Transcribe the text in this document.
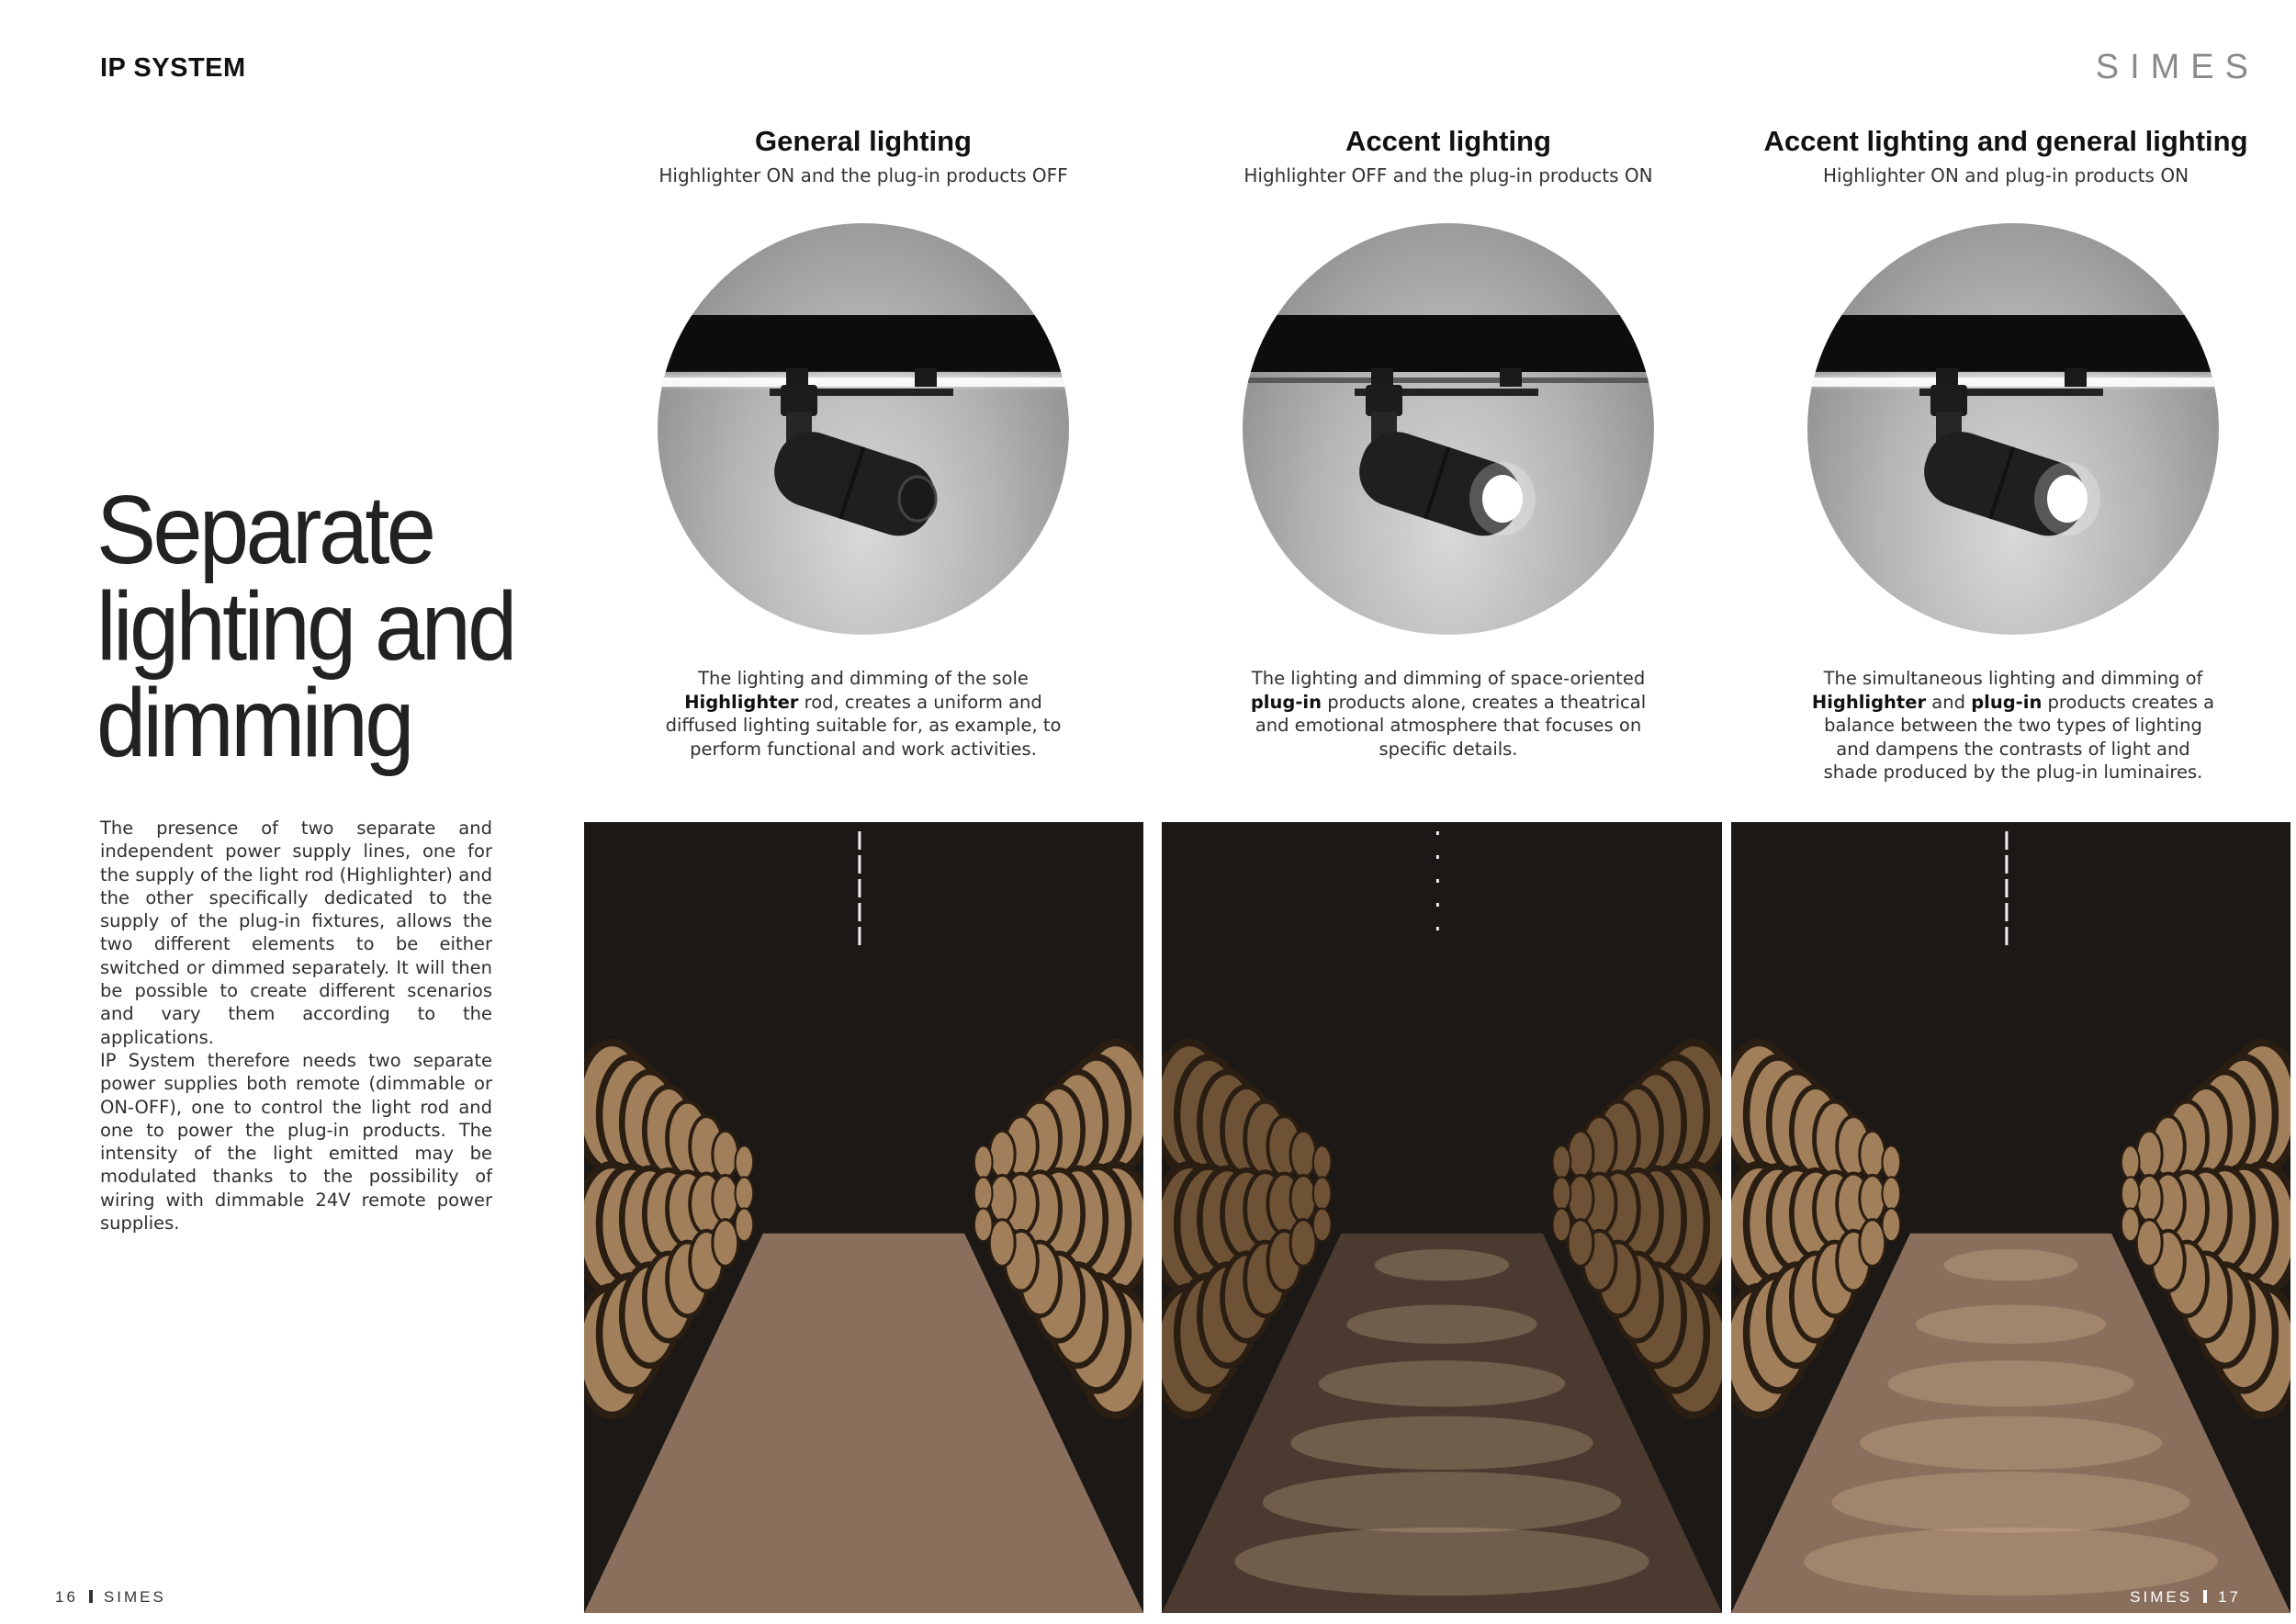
IP SYSTEM	SIMES
Separate
lighting and
dimming

The presence of two separate and independent power supply lines, one for the supply of the light rod (Highlighter) and the other specifically dedicated to the supply of the plug-in fixtures, allows the two different elements to be either switched or dimmed separately. It will then be possible to create different scenarios and vary them according to the applications.

IP System therefore needs two separate power supplies both remote (dimmable or ON-OFF), one to control the light rod and one to power the plug-in products. The intensity of the light emitted may be modulated thanks to the possibility of wiring with dimmable 24V remote power supplies.

General lighting
Highlighter ON and the plug-in products OFF
The lighting and dimming of the sole Highlighter rod, creates a uniform and diffused lighting suitable for, as example, to perform functional and work activities.
Accent lighting
Highlighter OFF and the plug-in products ON
The lighting and dimming of space-oriented plug-in products alone, creates a theatrical and emotional atmosphere that focuses on specific details.
Accent lighting and general lighting
Highlighter ON and plug-in products ON
The simultaneous lighting and dimming of Highlighter and plug-in products creates a balance between the two types of lighting and dampens the contrasts of light and shade produced by the plug-in luminaires.
16 SIMES	SIMES 17
